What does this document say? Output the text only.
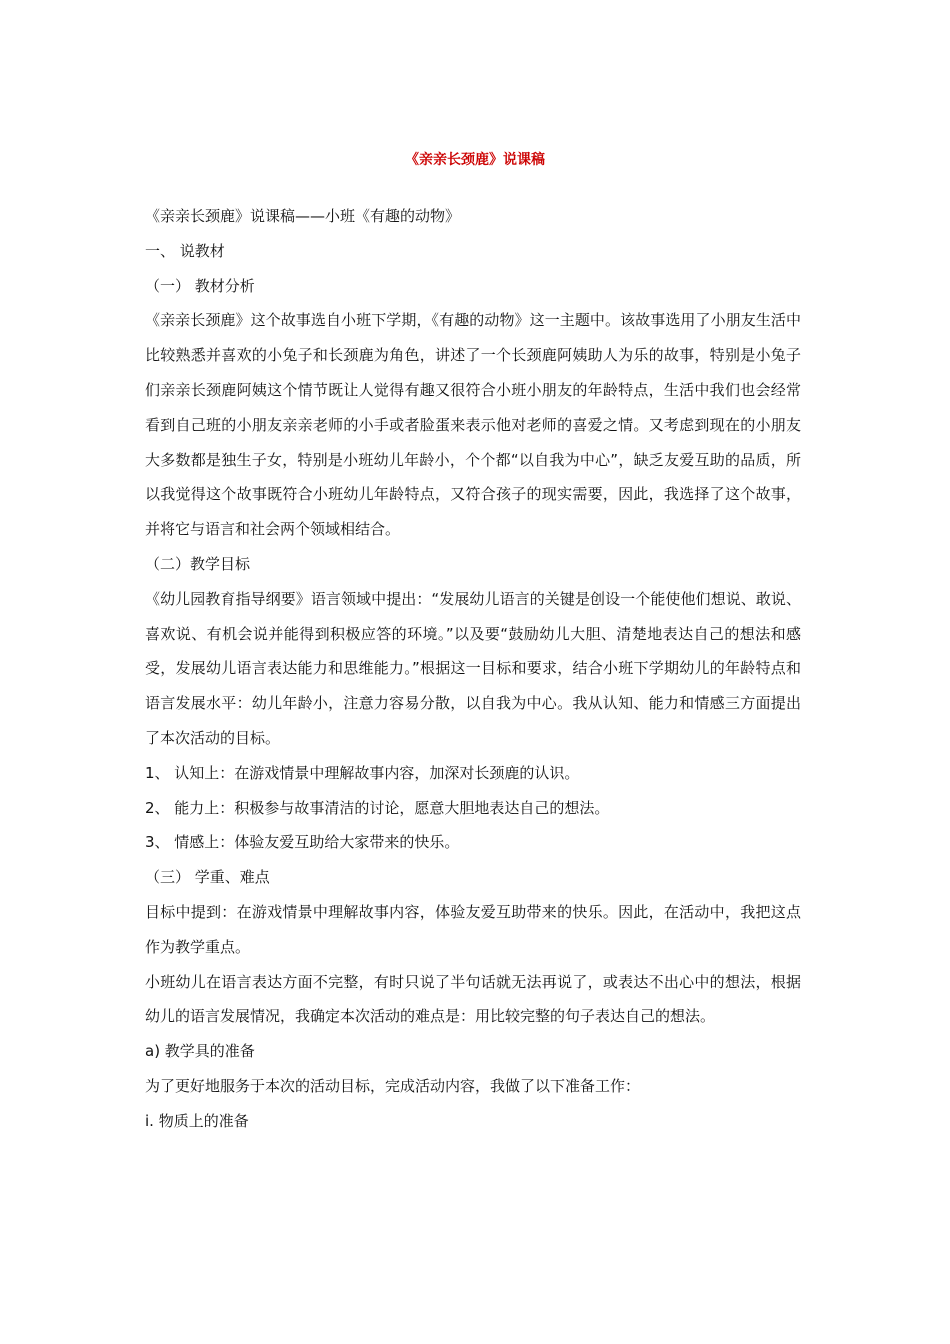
《亲亲长颈鹿》说课稿

《亲亲长颈鹿》说课稿——小班《有趣的动物》

一、 说教材

（一） 教材分析

《亲亲长颈鹿》这个故事选自小班下学期，《有趣的动物》这一主题中。该故事选用了小朋友生活中比较熟悉并喜欢的小兔子和长颈鹿为角色，讲述了一个长颈鹿阿姨助人为乐的故事，特别是小兔子们亲亲长颈鹿阿姨这个情节既让人觉得有趣又很符合小班小朋友的年龄特点，生活中我们也会经常看到自己班的小朋友亲亲老师的小手或者脸蛋来表示他对老师的喜爱之情。又考虑到现在的小朋友大多数都是独生子女，特别是小班幼儿年龄小，个个都“以自我为中心”，缺乏友爱互助的品质，所以我觉得这个故事既符合小班幼儿年龄特点，又符合孩子的现实需要，因此，我选择了这个故事，并将它与语言和社会两个领域相结合。

（二）教学目标

《幼儿园教育指导纲要》语言领域中提出：“发展幼儿语言的关键是创设一个能使他们想说、敢说、喜欢说、有机会说并能得到积极应答的环境。”以及要“鼓励幼儿大胆、清楚地表达自己的想法和感受，发展幼儿语言表达能力和思维能力。”根据这一目标和要求，结合小班下学期幼儿的年龄特点和语言发展水平：幼儿年龄小，注意力容易分散，以自我为中心。我从认知、能力和情感三方面提出了本次活动的目标。

1、 认知上：在游戏情景中理解故事内容，加深对长颈鹿的认识。

2、 能力上：积极参与故事清洁的讨论，愿意大胆地表达自己的想法。

3、 情感上：体验友爱互助给大家带来的快乐。

（三） 学重、难点

目标中提到：在游戏情景中理解故事内容，体验友爱互助带来的快乐。因此，在活动中，我把这点作为教学重点。

小班幼儿在语言表达方面不完整，有时只说了半句话就无法再说了，或表达不出心中的想法，根据幼儿的语言发展情况，我确定本次活动的难点是：用比较完整的句子表达自己的想法。

a) 教学具的准备

为了更好地服务于本次的活动目标，完成活动内容，我做了以下准备工作：

i. 物质上的准备
